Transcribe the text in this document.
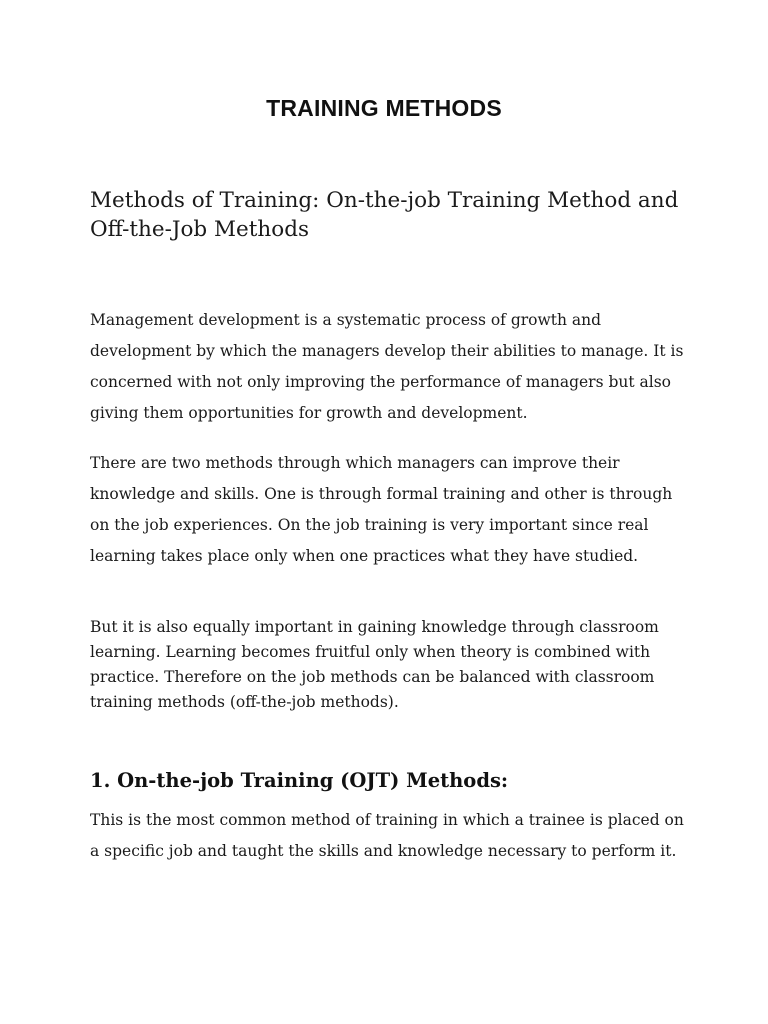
TRAINING METHODS
Methods of Training: On-the-job Training Method and Off-the-Job Methods

Management development is a systematic process of growth and development by which the managers develop their abilities to manage. It is concerned with not only improving the performance of managers but also giving them opportunities for growth and development.

There are two methods through which managers can improve their knowledge and skills. One is through formal training and other is through on the job experiences. On the job training is very important since real learning takes place only when one practices what they have studied.

But it is also equally important in gaining knowledge through classroom learning. Learning becomes fruitful only when theory is combined with practice. Therefore on the job methods can be balanced with classroom training methods (off-the-job methods).

1. On-the-job Training (OJT) Methods:

This is the most common method of training in which a trainee is placed on a specific job and taught the skills and knowledge necessary to perform it.
